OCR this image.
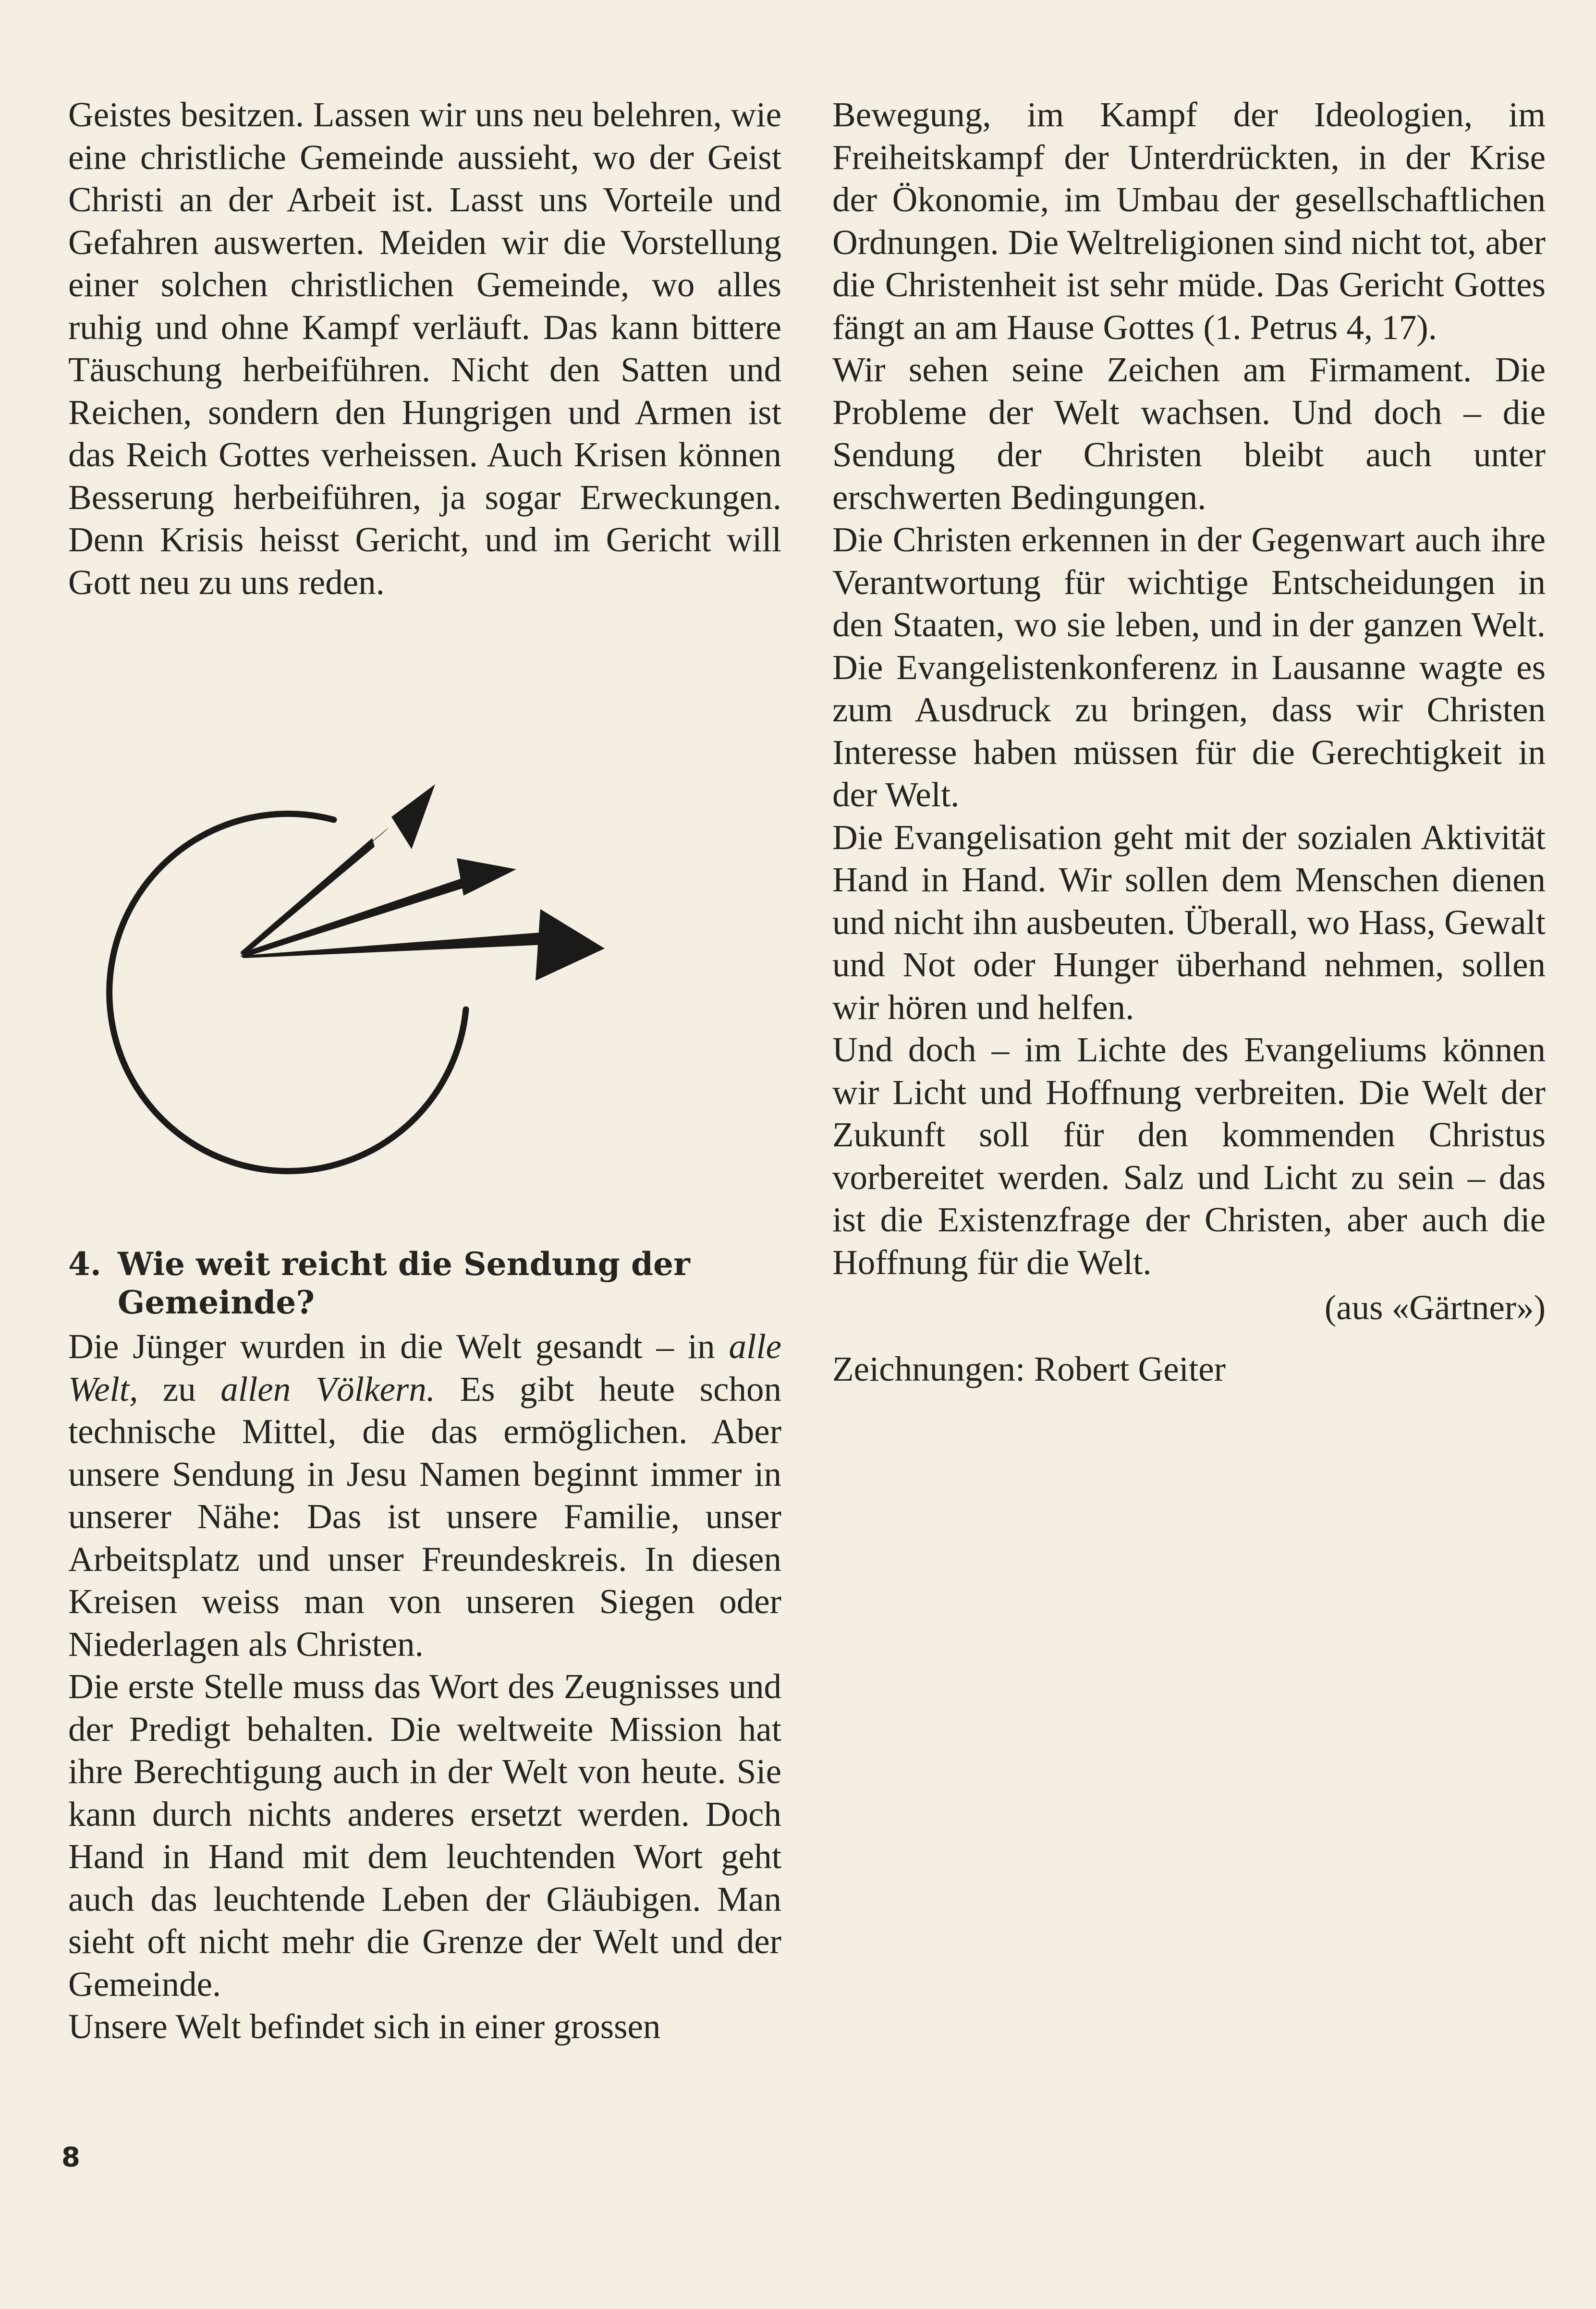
Geistes besitzen. Lassen wir uns neu belehren, wie eine christliche Gemeinde aussieht, wo der Geist Christi an der Arbeit ist. Lasst uns Vorteile und Gefahren auswerten. Meiden wir die Vorstellung einer solchen christlichen Gemeinde, wo alles ruhig und ohne Kampf verläuft. Das kann bittere Täuschung herbeiführen. Nicht den Satten und Reichen, sondern den Hungrigen und Armen ist das Reich Gottes verheissen. Auch Krisen können Besserung herbeiführen, ja sogar Erweckungen. Denn Krisis heisst Gericht, und im Gericht will Gott neu zu uns reden.

4. Wie weit reicht die Sendung der Gemeinde?

Die Jünger wurden in die Welt gesandt – in alle Welt, zu allen Völkern. Es gibt heute schon technische Mittel, die das ermöglichen. Aber unsere Sendung in Jesu Namen beginnt immer in unserer Nähe: Das ist unsere Familie, unser Arbeitsplatz und unser Freundeskreis. In diesen Kreisen weiss man von unseren Siegen oder Niederlagen als Christen.

Die erste Stelle muss das Wort des Zeugnisses und der Predigt behalten. Die weltweite Mission hat ihre Berechtigung auch in der Welt von heute. Sie kann durch nichts anderes ersetzt werden. Doch Hand in Hand mit dem leuchtenden Wort geht auch das leuchtende Leben der Gläubigen. Man sieht oft nicht mehr die Grenze der Welt und der Gemeinde.

Unsere Welt befindet sich in einer grossen

Bewegung, im Kampf der Ideologien, im Freiheitskampf der Unterdrückten, in der Krise der Ökonomie, im Umbau der gesellschaftlichen Ordnungen. Die Weltreligionen sind nicht tot, aber die Christenheit ist sehr müde. Das Gericht Gottes fängt an am Hause Gottes (1. Petrus 4, 17).

Wir sehen seine Zeichen am Firmament. Die Probleme der Welt wachsen. Und doch – die Sendung der Christen bleibt auch unter erschwerten Bedingungen.

Die Christen erkennen in der Gegenwart auch ihre Verantwortung für wichtige Entscheidungen in den Staaten, wo sie leben, und in der ganzen Welt. Die Evangelistenkonferenz in Lausanne wagte es zum Ausdruck zu bringen, dass wir Christen Interesse haben müssen für die Gerechtigkeit in der Welt.

Die Evangelisation geht mit der sozialen Aktivität Hand in Hand. Wir sollen dem Menschen dienen und nicht ihn ausbeuten. Überall, wo Hass, Gewalt und Not oder Hunger überhand nehmen, sollen wir hören und helfen.

Und doch – im Lichte des Evangeliums können wir Licht und Hoffnung verbreiten. Die Welt der Zukunft soll für den kommenden Christus vorbereitet werden. Salz und Licht zu sein – das ist die Existenzfrage der Christen, aber auch die Hoffnung für die Welt.

(aus «Gärtner»)

Zeichnungen: Robert Geiter

8
